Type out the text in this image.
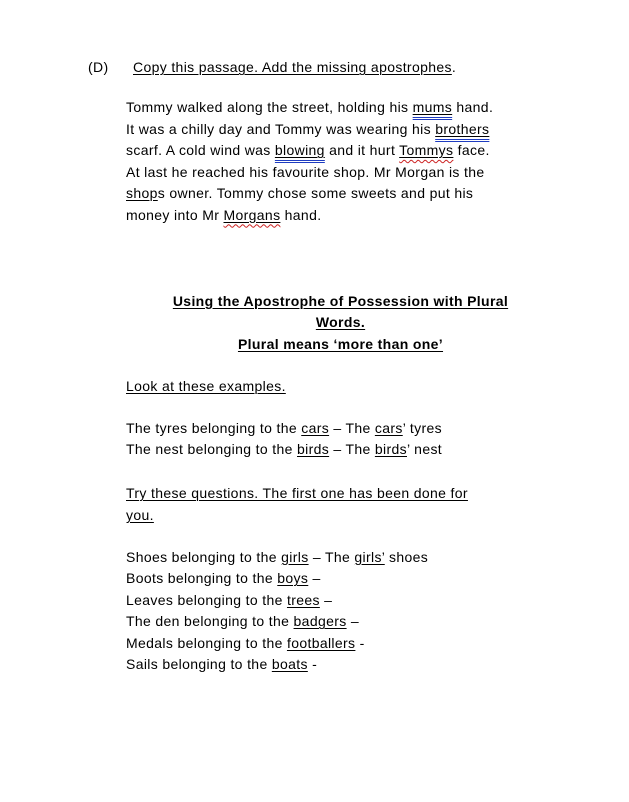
(D)	Copy this passage. Add the missing apostrophes.
Tommy walked along the street, holding his mums hand.
It was a chilly day and Tommy was wearing his brothers
scarf. A cold wind was blowing and it hurt Tommys face.
At last he reached his favourite shop. Mr Morgan is the
shops owner. Tommy chose some sweets and put his
money into Mr Morgans hand.
Using the Apostrophe of Possession with Plural
Words.
Plural means ‘more than one’
Look at these examples.
The tyres belonging to the cars – The cars’ tyres
The nest belonging to the birds – The birds’ nest
Try these questions. The first one has been done for
you.
Shoes belonging to the girls – The girls’ shoes
Boots belonging to the boys –
Leaves belonging to the trees –
The den belonging to the badgers –
Medals belonging to the footballers -
Sails belonging to the boats -
